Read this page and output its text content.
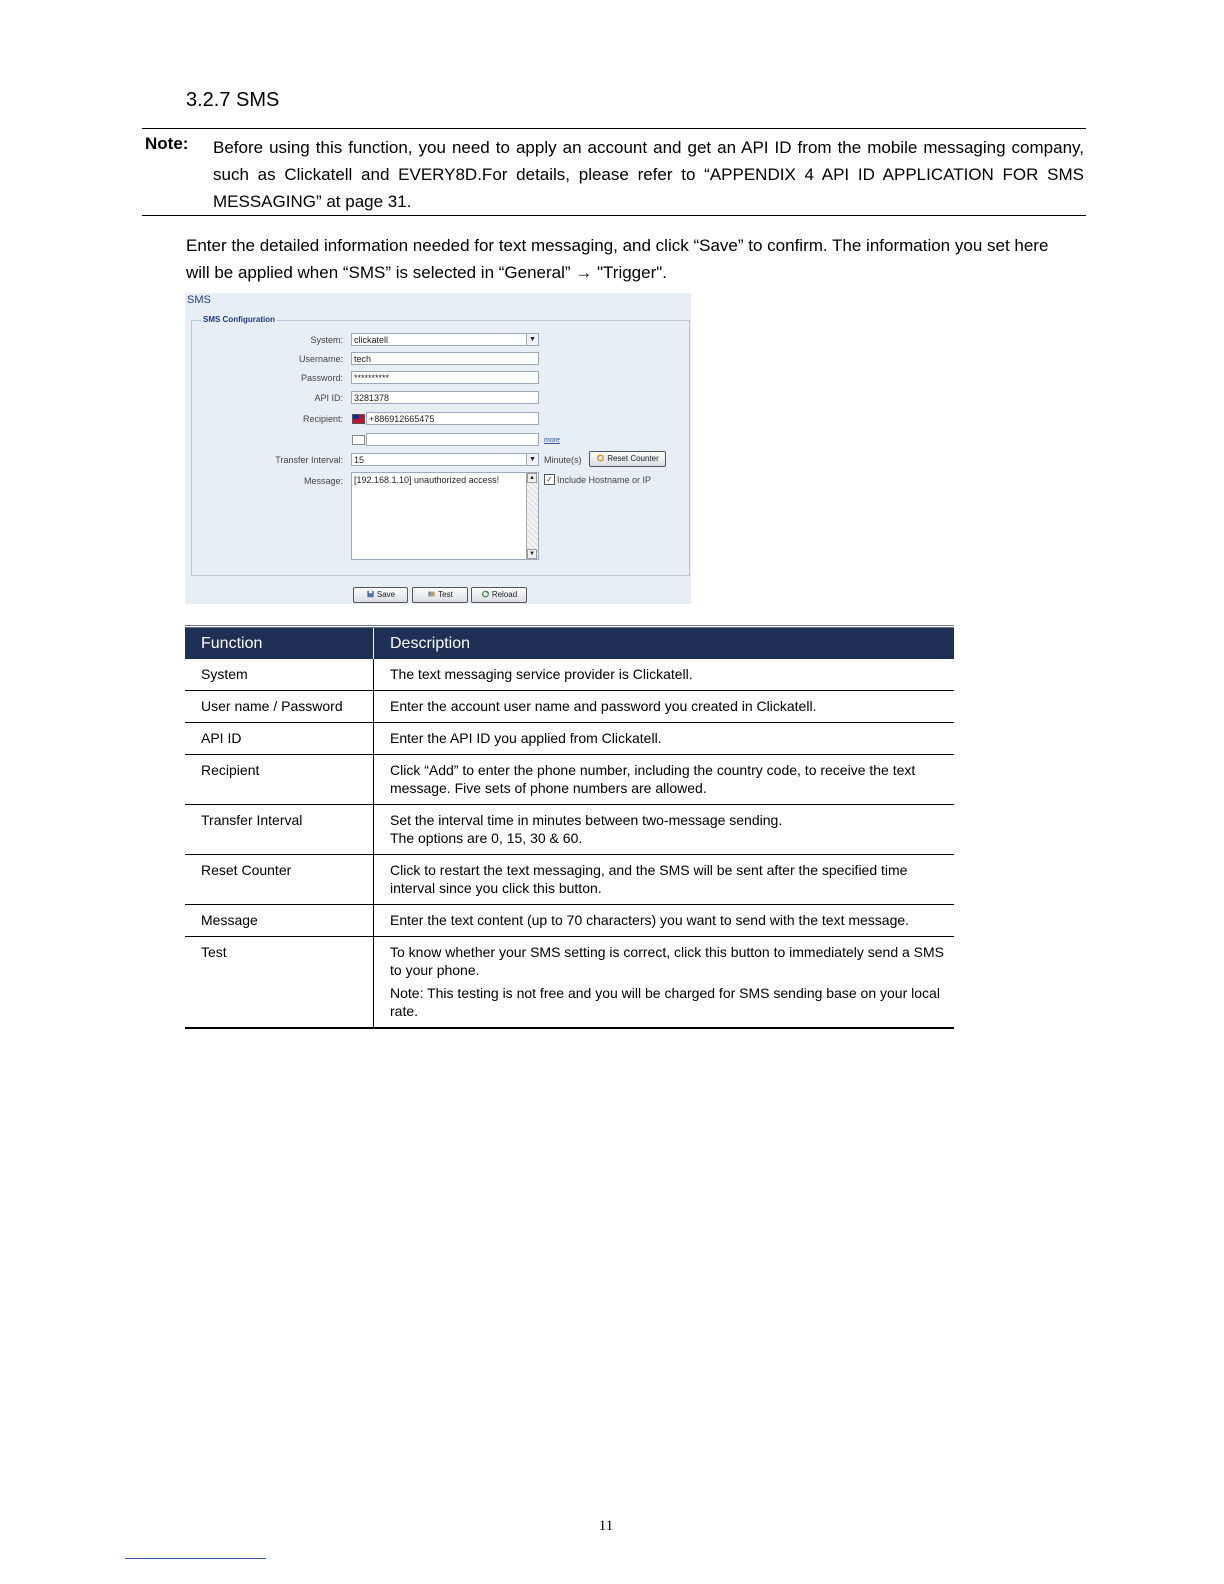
3.2.7 SMS
Note: Before using this function, you need to apply an account and get an API ID from the mobile messaging company, such as Clickatell and EVERY8D.For details, please refer to “APPENDIX 4 API ID APPLICATION FOR SMS MESSAGING” at page 31.
Enter the detailed information needed for text messaging, and click “Save” to confirm. The information you set here will be applied when “SMS” is selected in “General” → "Trigger".
SMS
SMS Configuration
System:	clickatell	▼
Username:	tech
Password:	**********
API ID:	3281378
Recipient:	+886912665475
more
Transfer Interval:	15	▼ Minute(s)	Reset Counter
Message:	[192.168.1.10] unauthorized access!	▲
▼
✓ Include Hostname or IP
Save	Test	Reload
Function	Description
System	The text messaging service provider is Clickatell.

User name / Password	Enter the account user name and password you created in Clickatell.

API ID	Enter the API ID you applied from Clickatell.

Recipient	Click “Add” to enter the phone number, including the country code, to receive the text message. Five sets of phone numbers are allowed.

Transfer Interval	Set the interval time in minutes between two-message sending.

The options are 0, 15, 30 & 60.

Reset Counter	Click to restart the text messaging, and the SMS will be sent after the specified time interval since you click this button.

Message	Enter the text content (up to 70 characters) you want to send with the text message.

Test	To know whether your SMS setting is correct, click this button to immediately send a SMS to your phone.

Note: This testing is not free and you will be charged for SMS sending base on your local rate.

11
